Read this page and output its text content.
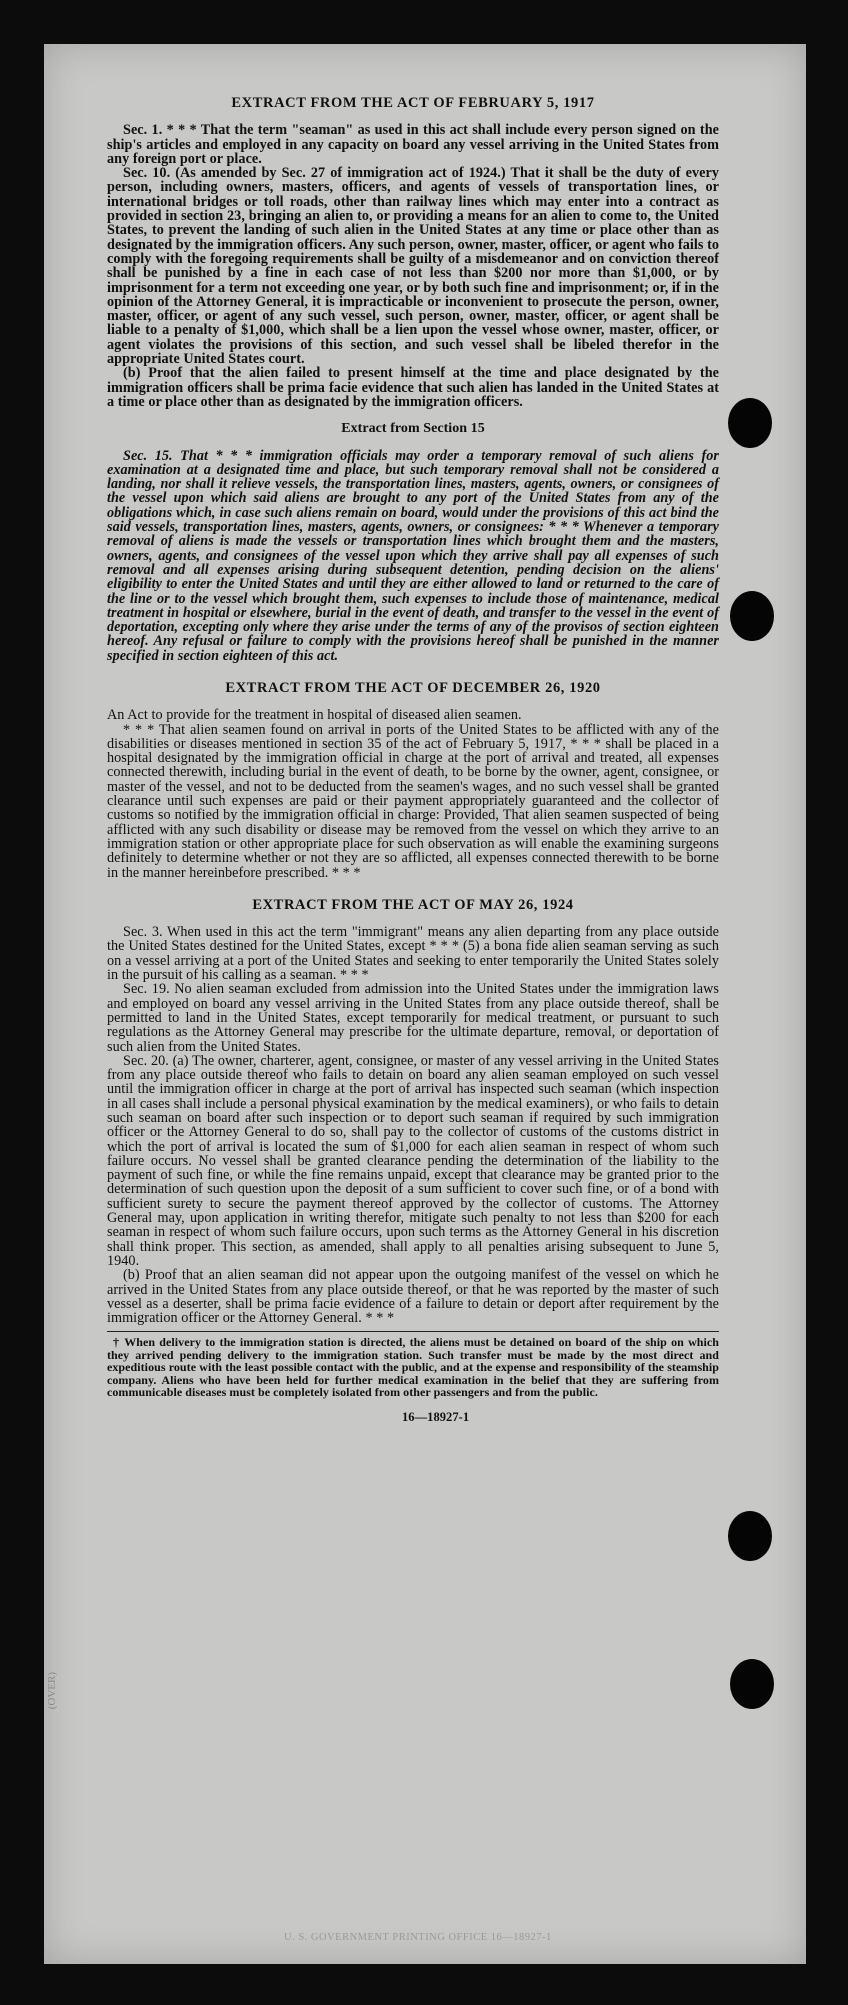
(OVER)
U. S. GOVERNMENT PRINTING OFFICE 16—18927-1
EXTRACT FROM THE ACT OF FEBRUARY 5, 1917

Sec. 1. * * * That the term "seaman" as used in this act shall include every person signed on the ship's articles and employed in any capacity on board any vessel arriving in the United States from any foreign port or place.

Sec. 10. (As amended by Sec. 27 of immigration act of 1924.) That it shall be the duty of every person, including owners, masters, officers, and agents of vessels of transportation lines, or international bridges or toll roads, other than railway lines which may enter into a contract as provided in section 23, bringing an alien to, or providing a means for an alien to come to, the United States, to prevent the landing of such alien in the United States at any time or place other than as designated by the immigration officers. Any such person, owner, master, officer, or agent who fails to comply with the foregoing requirements shall be guilty of a misdemeanor and on conviction thereof shall be punished by a fine in each case of not less than $200 nor more than $1,000, or by imprisonment for a term not exceeding one year, or by both such fine and imprisonment; or, if in the opinion of the Attorney General, it is impracticable or inconvenient to prosecute the person, owner, master, officer, or agent of any such vessel, such person, owner, master, officer, or agent shall be liable to a penalty of $1,000, which shall be a lien upon the vessel whose owner, master, officer, or agent violates the provisions of this section, and such vessel shall be libeled therefor in the appropriate United States court.

(b) Proof that the alien failed to present himself at the time and place designated by the immigration officers shall be prima facie evidence that such alien has landed in the United States at a time or place other than as designated by the immigration officers.

Extract from Section 15

Sec. 15. That * * * immigration officials may order a temporary removal of such aliens for examination at a designated time and place, but such temporary removal shall not be considered a landing, nor shall it relieve vessels, the transportation lines, masters, agents, owners, or consignees of the vessel upon which said aliens are brought to any port of the United States from any of the obligations which, in case such aliens remain on board, would under the provisions of this act bind the said vessels, transportation lines, masters, agents, owners, or consignees: * * * Whenever a temporary removal of aliens is made the vessels or transportation lines which brought them and the masters, owners, agents, and consignees of the vessel upon which they arrive shall pay all expenses of such removal and all expenses arising during subsequent detention, pending decision on the aliens' eligibility to enter the United States and until they are either allowed to land or returned to the care of the line or to the vessel which brought them, such expenses to include those of maintenance, medical treatment in hospital or elsewhere, burial in the event of death, and transfer to the vessel in the event of deportation, excepting only where they arise under the terms of any of the provisos of section eighteen hereof. Any refusal or failure to comply with the provisions hereof shall be punished in the manner specified in section eighteen of this act.

EXTRACT FROM THE ACT OF DECEMBER 26, 1920

An Act to provide for the treatment in hospital of diseased alien seamen.

* * * That alien seamen found on arrival in ports of the United States to be afflicted with any of the disabilities or diseases mentioned in section 35 of the act of February 5, 1917, * * * shall be placed in a hospital designated by the immigration official in charge at the port of arrival and treated, all expenses connected therewith, including burial in the event of death, to be borne by the owner, agent, consignee, or master of the vessel, and not to be deducted from the seamen's wages, and no such vessel shall be granted clearance until such expenses are paid or their payment appropriately guaranteed and the collector of customs so notified by the immigration official in charge: Provided, That alien seamen suspected of being afflicted with any such disability or disease may be removed from the vessel on which they arrive to an immigration station or other appropriate place for such observation as will enable the examining surgeons definitely to determine whether or not they are so afflicted, all expenses connected therewith to be borne in the manner hereinbefore prescribed. * * *

EXTRACT FROM THE ACT OF MAY 26, 1924

Sec. 3. When used in this act the term "immigrant" means any alien departing from any place outside the United States destined for the United States, except * * * (5) a bona fide alien seaman serving as such on a vessel arriving at a port of the United States and seeking to enter temporarily the United States solely in the pursuit of his calling as a seaman. * * *

Sec. 19. No alien seaman excluded from admission into the United States under the immigration laws and employed on board any vessel arriving in the United States from any place outside thereof, shall be permitted to land in the United States, except temporarily for medical treatment, or pursuant to such regulations as the Attorney General may prescribe for the ultimate departure, removal, or deportation of such alien from the United States.

Sec. 20. (a) The owner, charterer, agent, consignee, or master of any vessel arriving in the United States from any place outside thereof who fails to detain on board any alien seaman employed on such vessel until the immigration officer in charge at the port of arrival has inspected such seaman (which inspection in all cases shall include a personal physical examination by the medical examiners), or who fails to detain such seaman on board after such inspection or to deport such seaman if required by such immigration officer or the Attorney General to do so, shall pay to the collector of customs of the customs district in which the port of arrival is located the sum of $1,000 for each alien seaman in respect of whom such failure occurs. No vessel shall be granted clearance pending the determination of the liability to the payment of such fine, or while the fine remains unpaid, except that clearance may be granted prior to the determination of such question upon the deposit of a sum sufficient to cover such fine, or of a bond with sufficient surety to secure the payment thereof approved by the collector of customs. The Attorney General may, upon application in writing therefor, mitigate such penalty to not less than $200 for each seaman in respect of whom such failure occurs, upon such terms as the Attorney General in his discretion shall think proper. This section, as amended, shall apply to all penalties arising subsequent to June 5, 1940.

(b) Proof that an alien seaman did not appear upon the outgoing manifest of the vessel on which he arrived in the United States from any place outside thereof, or that he was reported by the master of such vessel as a deserter, shall be prima facie evidence of a failure to detain or deport after requirement by the immigration officer or the Attorney General. * * *

† When delivery to the immigration station is directed, the aliens must be detained on board of the ship on which they arrived pending delivery to the immigration station. Such transfer must be made by the most direct and expeditious route with the least possible contact with the public, and at the expense and responsibility of the steamship company. Aliens who have been held for further medical examination in the belief that they are suffering from communicable diseases must be completely isolated from other passengers and from the public.

16—18927-1
